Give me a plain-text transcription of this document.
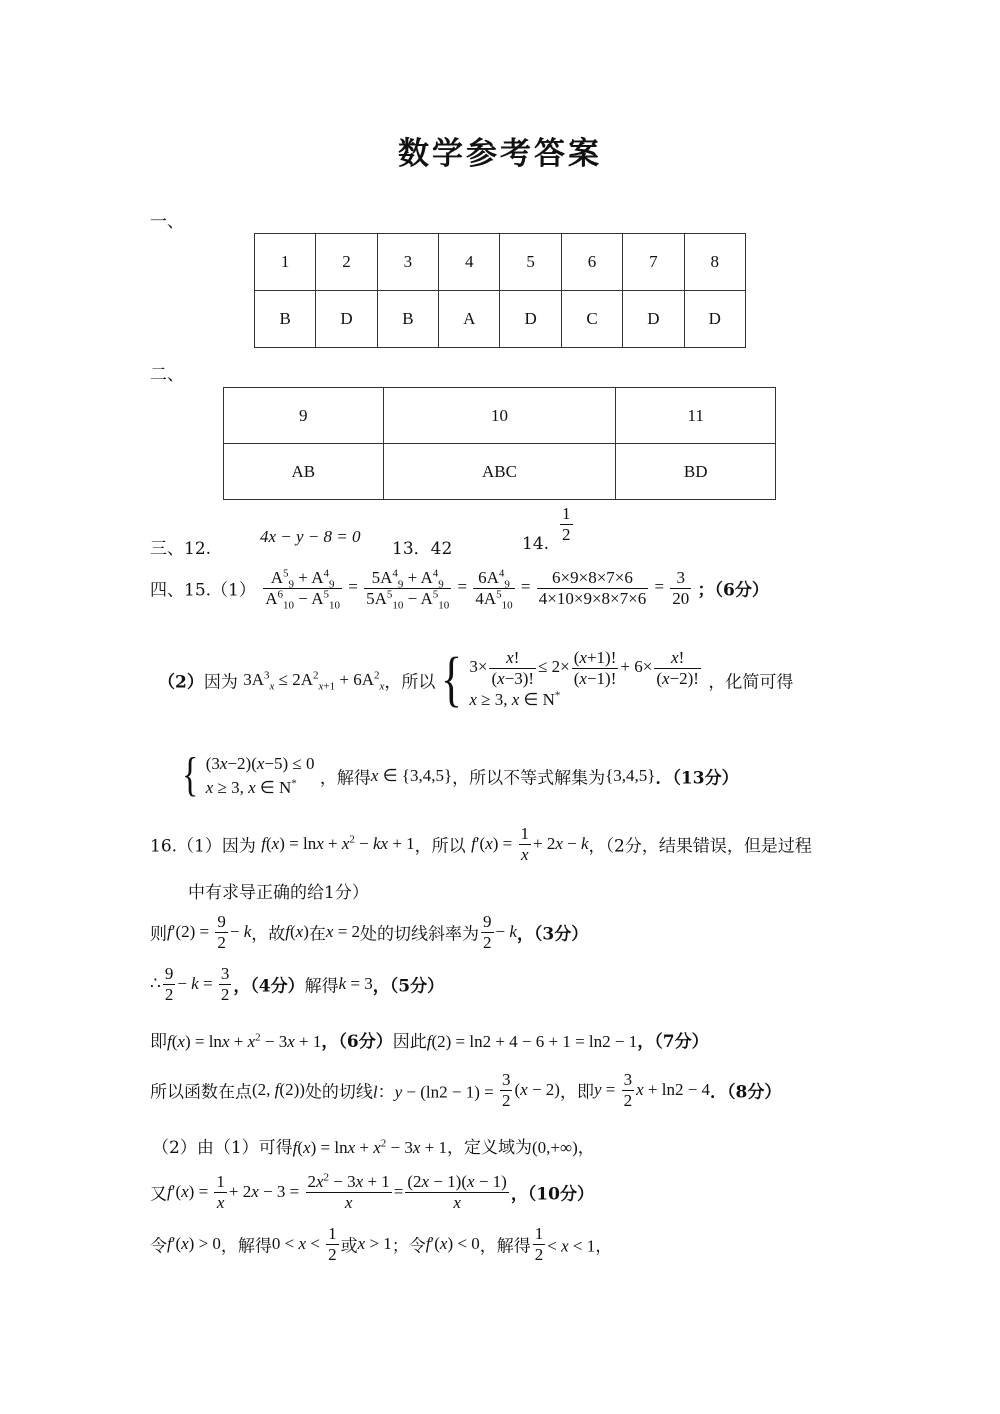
数学参考答案
一、
1	2	3	4	5	6	7	8
B	D	B	A	D	C	D	D
二、
9	10	11
AB	ABC	BD
三、12.
4x − y − 8 = 0
13．42	14. $\frac{1}{2}$
四、$15.(1) \frac{A^5_9 + A^4_9}{A^6_{10} - A^5_{10}} = \frac{5A^4_9 + A^4_9}{5A^5_{10} - A^5_{10}} = \frac{6A^4_9}{4A^5_{10}} = \frac{6\times 9\times 8\times 7\times 6}{4\times 10\times 9\times 8\times 7\times 6} = \frac{3}{20}$ ；（6分）
（2）因为 $3A^3_x \le 2A^2_{x+1} + 6A^2_x$，所以 { $3\times \frac{x!}{(x-3)!} \le 2\times \frac{(x+1)!}{(x-1)!} + 6\times \frac{x!}{(x-2)!}$
x ≥ 3, x ∈ N*
，化简可得
{ (3x−2)(x−5) ≤ 0
x ≥ 3, x ∈ N*	，解得x ∈ {3,4,5}，所以不等式解集为{3,4,5}．（13分）
16.（1）因为 $f(x) = \ln x + x^2$ − kx + 1，所以 $f'(x) = \frac{1}{x} + 2x - k$，（2分，结果错误，但是过程
中有求导正确的给1分）
则$f'(2) = \frac{9}{2} - k$，故f(x)在x = 2处的切线斜率为 $\frac{9}{2} - k$，（3分）
∴ $\frac{9}{2} - k = \frac{3}{2}$ ，（4分）解得k = 3，（5分）
即$f(x) = \ln x + x^2 - 3x + 1$，（6分）因此f(2) = ln2 + 4 − 6 + 1 = ln2 − 1，（7分）
所以函数在点(2, f(2))处的切线l：$y - (\ln 2 - 1) = \frac{3}{2} (x - 2)$，即$y = \frac{3}{2}$ x + ln2 − 4．（8分）
（2）由（1）可得$f(x) = \ln x + x^2 - 3x + 1$，定义域为(0,+∞)，
又$f'(x) = \frac{1}{x} + 2x - 3 = \frac{2x^2 - 3x + 1}{x} = \frac{(2x - 1)(x - 1)}{x}$ ，（10分）
令f′(x) > 0，解得$0 < x < \frac{1}{2}$ 或x > 1；令f′(x) < 0，解得 $\frac{1}{2} < x < 1$，
